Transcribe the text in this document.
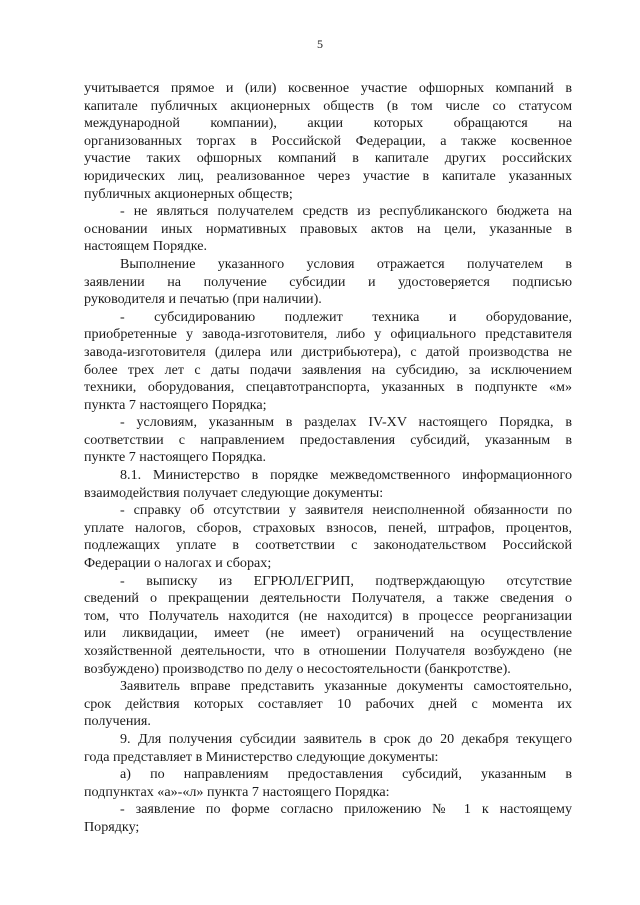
5
учитывается прямое и (или) косвенное участие офшорных компаний в
капитале публичных акционерных обществ (в том числе со статусом
международной компании), акции которых обращаются на
организованных торгах в Российской Федерации, а также косвенное
участие таких офшорных компаний в капитале других российских
юридических лиц, реализованное через участие в капитале указанных
публичных акционерных обществ;
- не являться получателем средств из республиканского бюджета на
основании иных нормативных правовых актов на цели, указанные в
настоящем Порядке.
Выполнение указанного условия отражается получателем в
заявлении на получение субсидии и удостоверяется подписью
руководителя и печатью (при наличии).
- субсидированию подлежит техника и оборудование,
приобретенные у завода-изготовителя, либо у официального представителя
завода-изготовителя (дилера или дистрибьютера), с датой производства не
более трех лет с даты подачи заявления на субсидию, за исключением
техники, оборудования, спецавтотранспорта, указанных в подпункте «м»
пункта 7 настоящего Порядка;
- условиям, указанным в разделах IV-XV настоящего Порядка, в
соответствии с направлением предоставления субсидий, указанным в
пункте 7 настоящего Порядка.
8.1. Министерство в порядке межведомственного информационного
взаимодействия получает следующие документы:
- справку об отсутствии у заявителя неисполненной обязанности по
уплате налогов, сборов, страховых взносов, пеней, штрафов, процентов,
подлежащих уплате в соответствии с законодательством Российской
Федерации о налогах и сборах;
- выписку из ЕГРЮЛ/ЕГРИП, подтверждающую отсутствие
сведений о прекращении деятельности Получателя, а также сведения о
том, что Получатель находится (не находится) в процессе реорганизации
или ликвидации, имеет (не имеет) ограничений на осуществление
хозяйственной деятельности, что в отношении Получателя возбуждено (не
возбуждено) производство по делу о несостоятельности (банкротстве).
Заявитель вправе представить указанные документы самостоятельно,
срок действия которых составляет 10 рабочих дней с момента их
получения.
9. Для получения субсидии заявитель в срок до 20 декабря текущего
года представляет в Министерство следующие документы:
а) по направлениям предоставления субсидий, указанным в
подпунктах «а»-«л» пункта 7 настоящего Порядка:
- заявление по форме согласно приложению № 1 к настоящему
Порядку;
